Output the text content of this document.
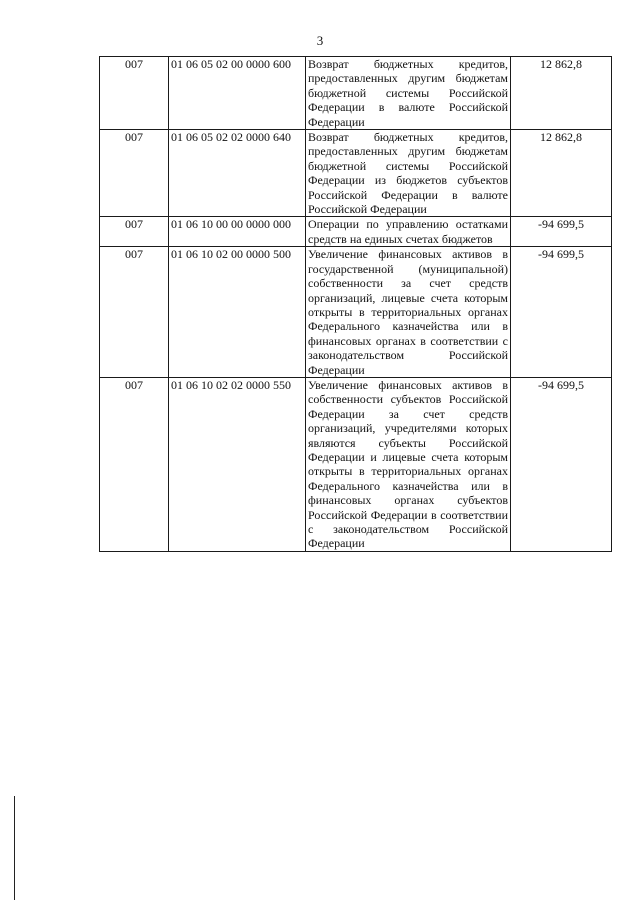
3
007	01 06 05 02 00 0000 600	Возврат бюджетных кредитов, предоставленных другим бюджетам бюджетной системы Российской Федерации в валюте Российской Федерации	12 862,8
007	01 06 05 02 02 0000 640	Возврат бюджетных кредитов, предоставленных другим бюджетам бюджетной системы Российской Федерации из бюджетов субъектов Российской Федерации в валюте Российской Федерации	12 862,8
007	01 06 10 00 00 0000 000	Операции по управлению остатками средств на единых счетах бюджетов	-94 699,5
007	01 06 10 02 00 0000 500	Увеличение финансовых активов в государственной (муниципальной) собственности за счет средств организаций, лицевые счета которым открыты в территориальных органах Федерального казначейства или в финансовых органах в соответствии с законодательством Российской Федерации	-94 699,5
007	01 06 10 02 02 0000 550	Увеличение финансовых активов в собственности субъектов Российской Федерации за счет средств организаций, учредителями которых являются субъекты Российской Федерации и лицевые счета которым открыты в территориальных органах Федерального казначейства или в финансовых органах субъектов Российской Федерации в соответствии с законодательством Российской Федерации	-94 699,5
